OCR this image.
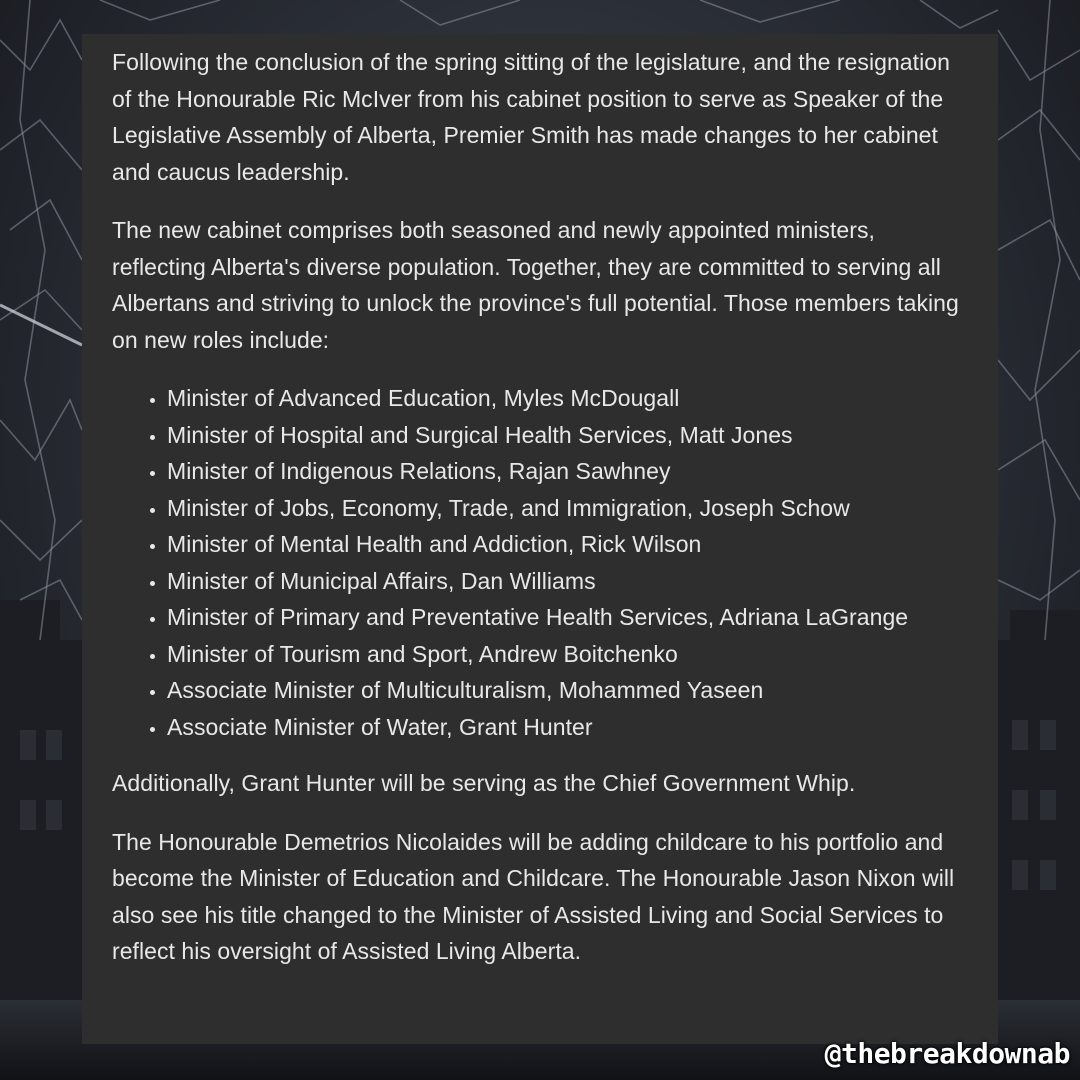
Following the conclusion of the spring sitting of the legislature, and the resignation of the Honourable Ric McIver from his cabinet position to serve as Speaker of the Legislative Assembly of Alberta, Premier Smith has made changes to her cabinet and caucus leadership.

The new cabinet comprises both seasoned and newly appointed ministers, reflecting Alberta's diverse population. Together, they are committed to serving all Albertans and striving to unlock the province's full potential. Those members taking on new roles include:

• Minister of Advanced Education, Myles McDougall
• Minister of Hospital and Surgical Health Services, Matt Jones
• Minister of Indigenous Relations, Rajan Sawhney
• Minister of Jobs, Economy, Trade, and Immigration, Joseph Schow
• Minister of Mental Health and Addiction, Rick Wilson
• Minister of Municipal Affairs, Dan Williams
• Minister of Primary and Preventative Health Services, Adriana LaGrange
• Minister of Tourism and Sport, Andrew Boitchenko
• Associate Minister of Multiculturalism, Mohammed Yaseen
• Associate Minister of Water, Grant Hunter

Additionally, Grant Hunter will be serving as the Chief Government Whip.

The Honourable Demetrios Nicolaides will be adding childcare to his portfolio and become the Minister of Education and Childcare. The Honourable Jason Nixon will also see his title changed to the Minister of Assisted Living and Social Services to reflect his oversight of Assisted Living Alberta.

@thebreakdownab
